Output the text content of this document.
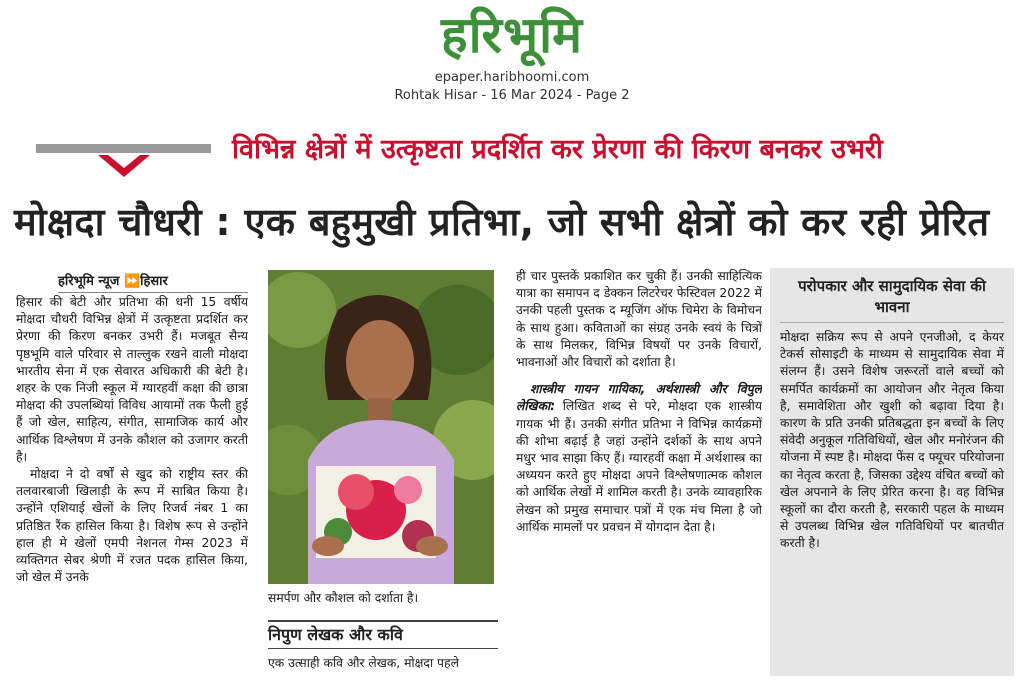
हरिभूमि
epaper.haribhoomi.com
Rohtak Hisar - 16 Mar 2024 - Page 2
विभिन्न क्षेत्रों में उत्कृष्टता प्रदर्शित कर प्रेरणा की किरण बनकर उभरी
मोक्षदा चौधरी : एक बहुमुखी प्रतिभा, जो सभी क्षेत्रों को कर रही प्रेरित
हरिभूमि न्यूज ⏩हिसार

हिसार की बेटी और प्रतिभा की धनी 15 वर्षीय मोक्षदा चौधरी विभिन्न क्षेत्रों में उत्कृष्टता प्रदर्शित कर प्रेरणा की किरण बनकर उभरी हैं। मजबूत सैन्य पृष्ठभूमि वाले परिवार से ताल्लुक रखने वाली मोक्षदा भारतीय सेना में एक सेवारत अधिकारी की बेटी है। शहर के एक निजी स्कूल में ग्यारहवीं कक्षा की छात्रा मोक्षदा की उपलब्धियां विविध आयामों तक फैली हुई हैं जो खेल, साहित्य, संगीत, सामाजिक कार्य और आर्थिक विश्लेषण में उनके कौशल को उजागर करती है।

मोक्षदा ने दो वर्षों से खुद को राष्ट्रीय स्तर की तलवारबाजी खिलाड़ी के रूप में साबित किया है। उन्होंने एशियाई खेलों के लिए रिजर्व नंबर 1 का प्रतिष्ठित रैंक हासिल किया है। विशेष रूप से उन्होंने हाल ही मे खेलों एमपी नेशनल गेम्स 2023 में व्यक्तिगत सेबर श्रेणी में रजत पदक हासिल किया, जो खेल में उनके

समर्पण और कौशल को दर्शाता है।
निपुण लेखक और कवि
एक उत्साही कवि और लेखक, मोक्षदा पहले

ही चार पुस्तकें प्रकाशित कर चुकी हैं। उनकी साहित्यिक यात्रा का समापन द डेक्कन लिटरेचर फेस्टिवल 2022 में उनकी पहली पुस्तक द म्यूजिंग ऑफ चिमेरा के विमोचन के साथ हुआ। कविताओं का संग्रह उनके स्वयं के चित्रों के साथ मिलकर, विभिन्न विषयों पर उनके विचारों, भावनाओं और विचारों को दर्शाता है।

शास्त्रीय गायन गायिका, अर्थशास्त्री और विपुल लेखिका: लिखित शब्द से परे, मोक्षदा एक शास्त्रीय गायक भी हैं। उनकी संगीत प्रतिभा ने विभिन्न कार्यक्रमों की शोभा बढ़ाई है जहां उन्होंने दर्शकों के साथ अपने मधुर भाव साझा किए हैं। ग्यारहवीं कक्षा में अर्थशास्त्र का अध्ययन करते हुए मोक्षदा अपने विश्लेषणात्मक कौशल को आर्थिक लेखों में शामिल करती है। उनके व्यावहारिक लेखन को प्रमुख समाचार पत्रों में एक मंच मिला है जो आर्थिक मामलों पर प्रवचन में योगदान देता है।

परोपकार और सामुदायिक सेवा की भावना
मोक्षदा सक्रिय रूप से अपने एनजीओ, द केयर टेकर्स सोसाइटी के माध्यम से सामुदायिक सेवा में संलग्न हैं। उसने विशेष जरूरतों वाले बच्चों को समर्पित कार्यक्रमों का आयोजन और नेतृत्व किया है, समावेशिता और खुशी को बढ़ावा दिया है। कारण के प्रति उनकी प्रतिबद्धता इन बच्चों के लिए संवेदी अनुकूल गतिविधियों, खेल और मनोरंजन की योजना में स्पष्ट है। मोक्षदा फेंस द फ्यूचर परियोजना का नेतृत्व करता है, जिसका उद्देश्य वंचित बच्चों को खेल अपनाने के लिए प्रेरित करना है। वह विभिन्न स्कूलों का दौरा करती है, सरकारी पहल के माध्यम से उपलब्ध विभिन्न खेल गतिविधियों पर बातचीत करती है।
